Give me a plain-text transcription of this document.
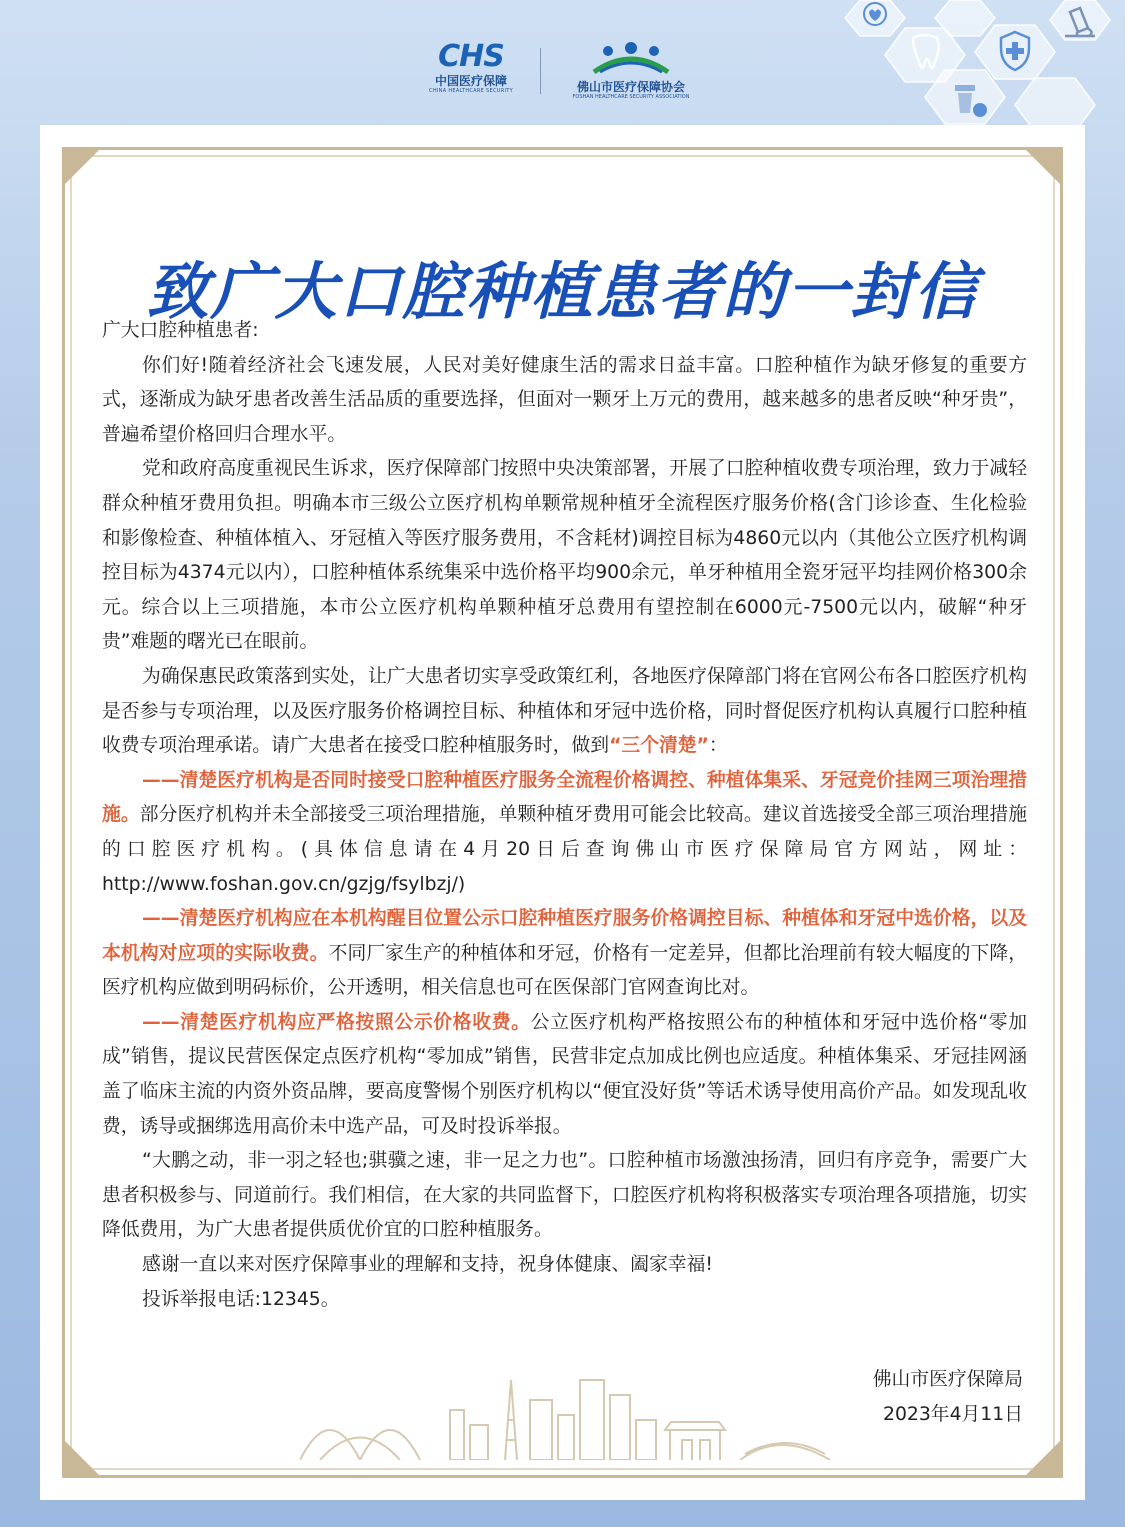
CHS
中国医疗保障
CHINA HEALTHCARE SECURITY	佛山市医疗保障协会
FOSHAN HEALTHCARE SECURITY ASSOCIATION
致广大口腔种植患者的一封信

广大口腔种植患者:

你们好!随着经济社会飞速发展，人民对美好健康生活的需求日益丰富。口腔种植作为缺牙修复的重要方式，逐渐成为缺牙患者改善生活品质的重要选择，但面对一颗牙上万元的费用，越来越多的患者反映“种牙贵”，普遍希望价格回归合理水平。

党和政府高度重视民生诉求，医疗保障部门按照中央决策部署，开展了口腔种植收费专项治理，致力于减轻群众种植牙费用负担。明确本市三级公立医疗机构单颗常规种植牙全流程医疗服务价格(含门诊诊查、生化检验和影像检查、种植体植入、牙冠植入等医疗服务费用，不含耗材)调控目标为4860元以内（其他公立医疗机构调控目标为4374元以内），口腔种植体系统集采中选价格平均900余元，单牙种植用全瓷牙冠平均挂网价格300余元。综合以上三项措施，本市公立医疗机构单颗种植牙总费用有望控制在6000元-7500元以内，破解“种牙贵”难题的曙光已在眼前。

为确保惠民政策落到实处，让广大患者切实享受政策红利，各地医疗保障部门将在官网公布各口腔医疗机构是否参与专项治理，以及医疗服务价格调控目标、种植体和牙冠中选价格，同时督促医疗机构认真履行口腔种植收费专项治理承诺。请广大患者在接受口腔种植服务时，做到“三个清楚”：

——清楚医疗机构是否同时接受口腔种植医疗服务全流程价格调控、种植体集采、牙冠竞价挂网三项治理措施。部分医疗机构并未全部接受三项治理措施，单颗种植牙费用可能会比较高。建议首选接受全部三项治理措施的口腔医疗机构。(具体信息请在4月20日后查询佛山市医疗保障局官方网站，网址：http://www.foshan.gov.cn/gzjg/fsylbzj/)

——清楚医疗机构应在本机构醒目位置公示口腔种植医疗服务价格调控目标、种植体和牙冠中选价格，以及本机构对应项的实际收费。不同厂家生产的种植体和牙冠，价格有一定差异，但都比治理前有较大幅度的下降，医疗机构应做到明码标价，公开透明，相关信息也可在医保部门官网查询比对。

——清楚医疗机构应严格按照公示价格收费。公立医疗机构严格按照公布的种植体和牙冠中选价格“零加成”销售，提议民营医保定点医疗机构“零加成”销售，民营非定点加成比例也应适度。种植体集采、牙冠挂网涵盖了临床主流的内资外资品牌，要高度警惕个别医疗机构以“便宜没好货”等话术诱导使用高价产品。如发现乱收费，诱导或捆绑选用高价未中选产品，可及时投诉举报。

“大鹏之动，非一羽之轻也;骐骥之速，非一足之力也”。口腔种植市场激浊扬清，回归有序竞争，需要广大患者积极参与、同道前行。我们相信，在大家的共同监督下，口腔医疗机构将积极落实专项治理各项措施，切实降低费用，为广大患者提供质优价宜的口腔种植服务。

感谢一直以来对医疗保障事业的理解和支持，祝身体健康、阖家幸福!

投诉举报电话:12345。

佛山市医疗保障局
2023年4月11日
